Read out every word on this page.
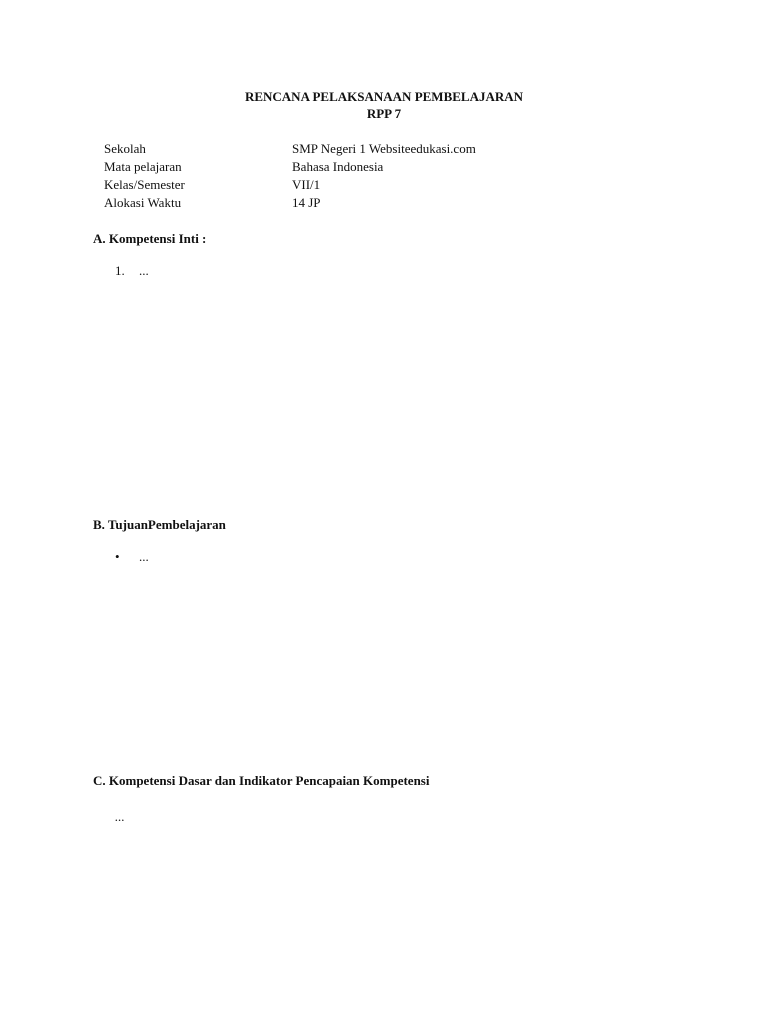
RENCANA PELAKSANAAN PEMBELAJARAN
RPP 7
Sekolah	SMP Negeri 1 Websiteedukasi.com
Mata pelajaran	Bahasa Indonesia
Kelas/Semester	VII/1
Alokasi Waktu	14 JP
A. Kompetensi Inti :
1.	...
B. TujuanPembelajaran
•	...
C. Kompetensi Dasar dan Indikator Pencapaian Kompetensi
...
